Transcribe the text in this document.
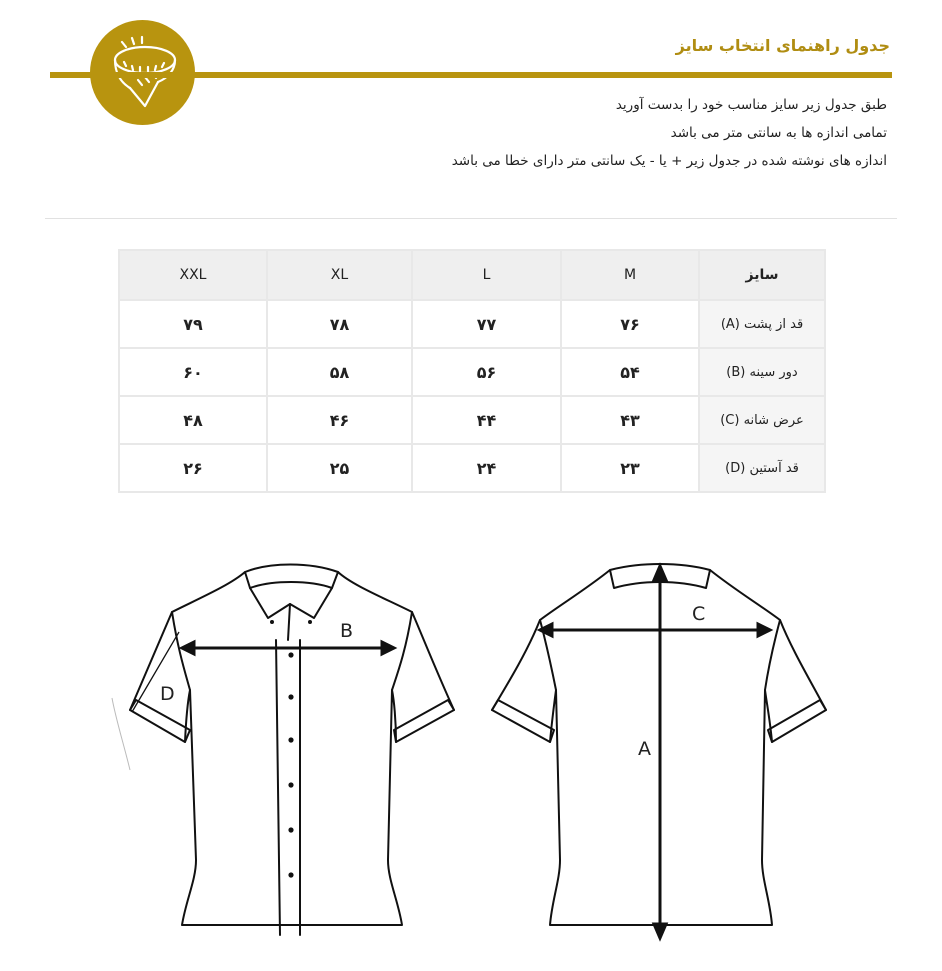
جدول راهنمای انتخاب سایز
طبق جدول زیر سایز مناسب خود را بدست آورید
تمامی اندازه ها به سانتی متر می باشد
اندازه های نوشته شده در جدول زیر + یا - یک سانتی متر دارای خطا می باشد
سایز	M	L	XL	XXL
قد از پشت (A)	۷۶	۷۷	۷۸	۷۹
دور سینه (B)	۵۴	۵۶	۵۸	۶۰
عرض شانه (C)	۴۳	۴۴	۴۶	۴۸
قد آستین (D)	۲۳	۲۴	۲۵	۲۶
B
D
C
A
